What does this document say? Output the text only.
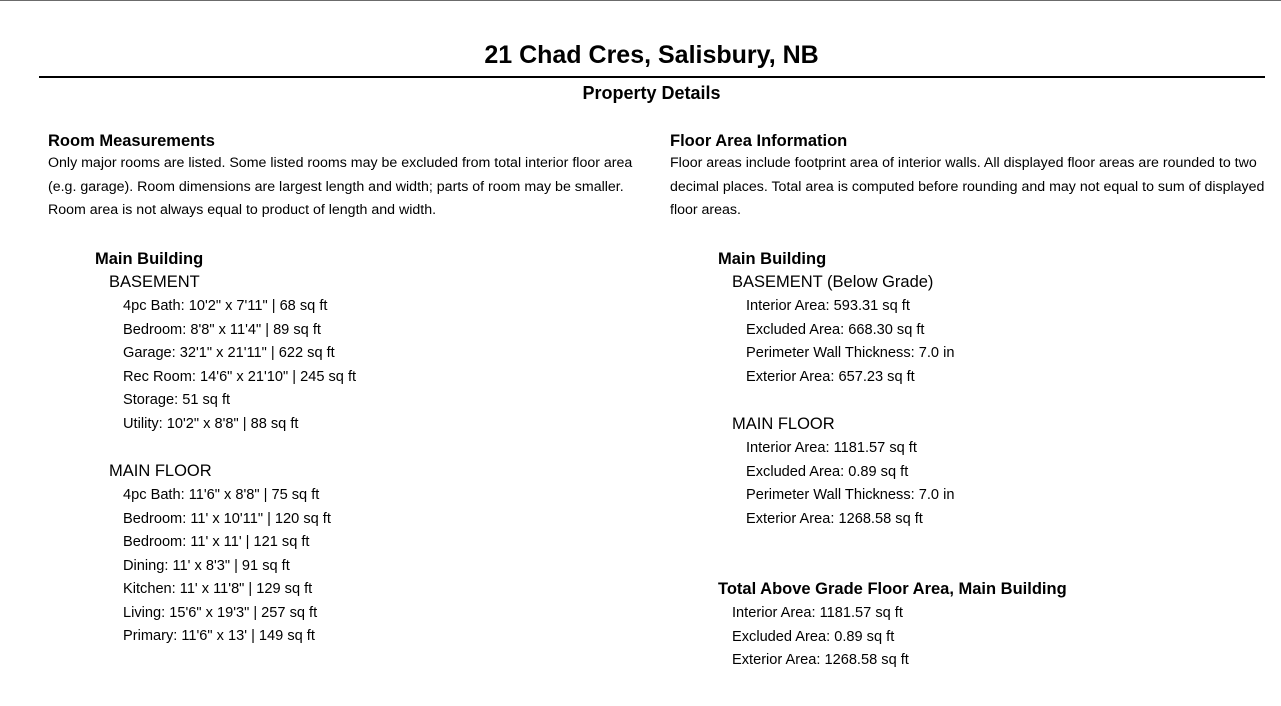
21 Chad Cres, Salisbury, NB
Property Details
Room Measurements

Only major rooms are listed. Some listed rooms may be excluded from total interior floor area (e.g. garage). Room dimensions are largest length and width; parts of room may be smaller. Room area is not always equal to product of length and width.

Main Building
BASEMENT
4pc Bath: 10'2" x 7'11" | 68 sq ft
Bedroom: 8'8" x 11'4" | 89 sq ft
Garage: 32'1" x 21'11" | 622 sq ft
Rec Room: 14'6" x 21'10" | 245 sq ft
Storage: 51 sq ft
Utility: 10'2" x 8'8" | 88 sq ft
MAIN FLOOR
4pc Bath: 11'6" x 8'8" | 75 sq ft
Bedroom: 11' x 10'11" | 120 sq ft
Bedroom: 11' x 11' | 121 sq ft
Dining: 11' x 8'3" | 91 sq ft
Kitchen: 11' x 11'8" | 129 sq ft
Living: 15'6" x 19'3" | 257 sq ft
Primary: 11'6" x 13' | 149 sq ft
Floor Area Information

Floor areas include footprint area of interior walls. All displayed floor areas are rounded to two decimal places. Total area is computed before rounding and may not equal to sum of displayed floor areas.

Main Building
BASEMENT (Below Grade)
Interior Area: 593.31 sq ft
Excluded Area: 668.30 sq ft
Perimeter Wall Thickness: 7.0 in
Exterior Area: 657.23 sq ft
MAIN FLOOR
Interior Area: 1181.57 sq ft
Excluded Area: 0.89 sq ft
Perimeter Wall Thickness: 7.0 in
Exterior Area: 1268.58 sq ft
Total Above Grade Floor Area, Main Building
Interior Area: 1181.57 sq ft
Excluded Area: 0.89 sq ft
Exterior Area: 1268.58 sq ft
